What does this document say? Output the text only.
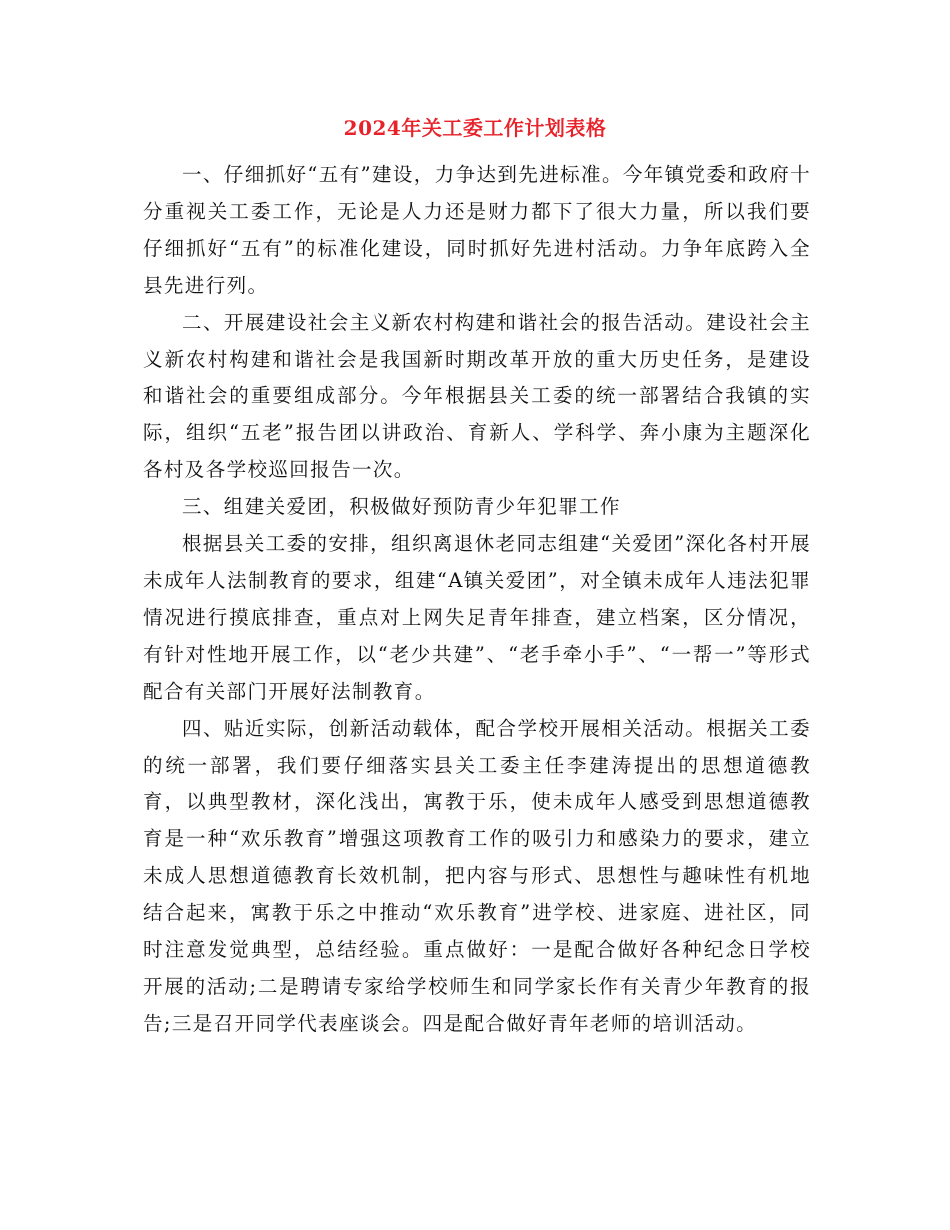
2024年关工委工作计划表格

一、仔细抓好“五有”建设，力争达到先进标准。今年镇党委和政府十分重视关工委工作，无论是人力还是财力都下了很大力量，所以我们要仔细抓好“五有”的标准化建设，同时抓好先进村活动。力争年底跨入全县先进行列。

二、开展建设社会主义新农村构建和谐社会的报告活动。建设社会主义新农村构建和谐社会是我国新时期改革开放的重大历史任务，是建设和谐社会的重要组成部分。今年根据县关工委的统一部署结合我镇的实际，组织“五老”报告团以讲政治、育新人、学科学、奔小康为主题深化各村及各学校巡回报告一次。

三、组建关爱团，积极做好预防青少年犯罪工作

根据县关工委的安排，组织离退休老同志组建“关爱团”深化各村开展未成年人法制教育的要求，组建“A镇关爱团”，对全镇未成年人违法犯罪情况进行摸底排查，重点对上网失足青年排查，建立档案，区分情况，有针对性地开展工作，以“老少共建”、“老手牵小手”、“一帮一”等形式配合有关部门开展好法制教育。

四、贴近实际，创新活动载体，配合学校开展相关活动。根据关工委的统一部署，我们要仔细落实县关工委主任李建涛提出的思想道德教育，以典型教材，深化浅出，寓教于乐，使未成年人感受到思想道德教育是一种“欢乐教育”增强这项教育工作的吸引力和感染力的要求，建立未成人思想道德教育长效机制，把内容与形式、思想性与趣味性有机地结合起来，寓教于乐之中推动“欢乐教育”进学校、进家庭、进社区，同时注意发觉典型，总结经验。重点做好：一是配合做好各种纪念日学校开展的活动;二是聘请专家给学校师生和同学家长作有关青少年教育的报告;三是召开同学代表座谈会。四是配合做好青年老师的培训活动。
